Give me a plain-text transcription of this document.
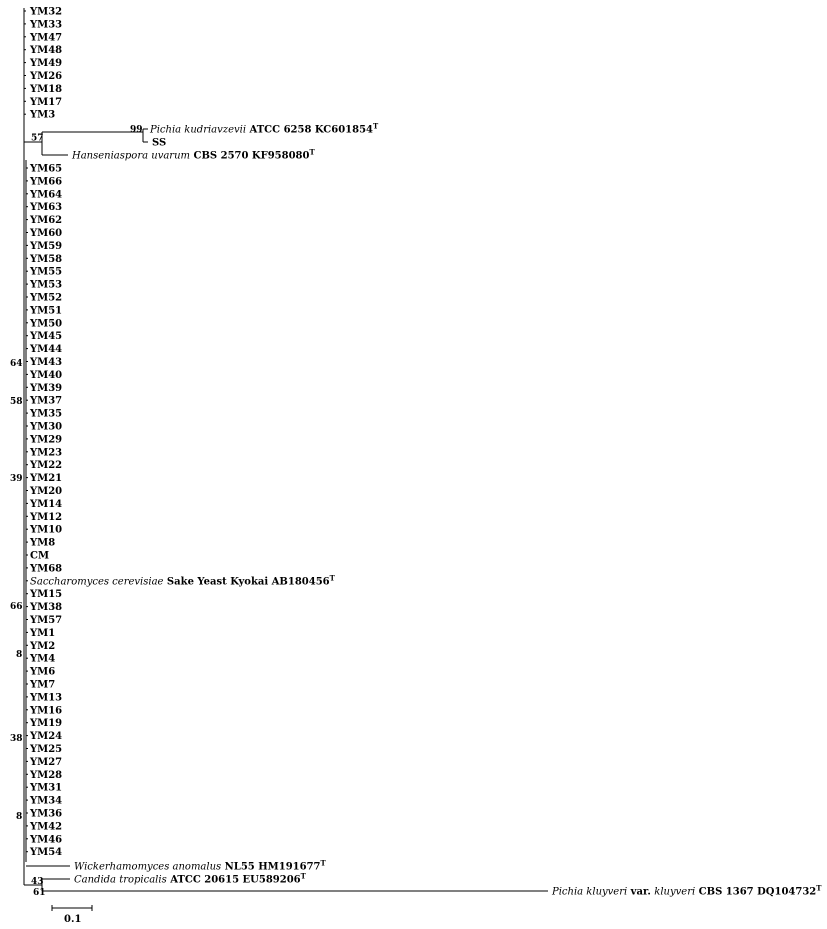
YM32
YM33
YM47
YM48
YM49
YM26
YM18
YM17
YM3
Pichia kudriavzevii ATCC 6258 $KC601854^T$
SS
Hanseniaspora uvarum CBS 2570 $KF958080^T$
99
57
YM65
YM66
YM64
YM63
YM62
YM60
YM59
YM58
YM55
YM53
YM52
YM51
YM50
YM45
YM44
YM43
YM40
YM39
YM37
YM35
YM30
YM29
YM23
YM22
YM21
YM20
YM14
YM12
YM10
YM8
CM
YM68
Saccharomyces cerevisiae Sake Yeast Kyokai $AB180456^T$
YM15
YM38
YM57
YM1
YM2
YM4
YM6
YM7
YM13
YM16
YM19
YM24
YM25
YM27
YM28
YM31
YM34
YM36
YM42
YM46
YM54
Wickerhamomyces anomalus NL55 $HM191677^T$
Candida tropicalis ATCC 20615 $EU589206^T$
Pichia kluyveri var. kluyveri CBS 1367 $DQ104732^T$
64
58
39
66
8
38
8
43
61
0.1
